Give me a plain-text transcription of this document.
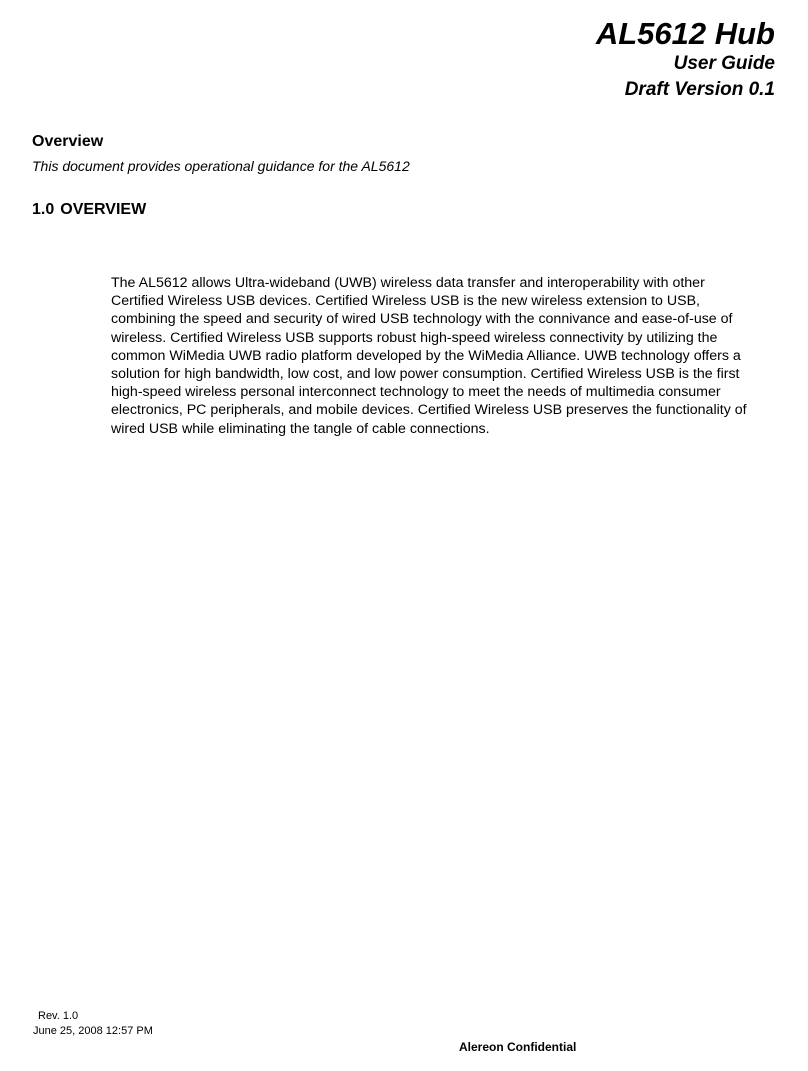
AL5612 Hub
User Guide
Draft Version 0.1
Overview
This document provides operational guidance for the AL5612
1.0 OVERVIEW
The AL5612 allows Ultra-wideband (UWB) wireless data transfer and interoperability with other
Certified Wireless USB devices. Certified Wireless USB is the new wireless extension to USB,
combining the speed and security of wired USB technology with the connivance and ease-of-use of
wireless. Certified Wireless USB supports robust high-speed wireless connectivity by utilizing the
common WiMedia UWB radio platform developed by the WiMedia Alliance. UWB technology offers a
solution for high bandwidth, low cost, and low power consumption. Certified Wireless USB is the first
high-speed wireless personal interconnect technology to meet the needs of multimedia consumer
electronics, PC peripherals, and mobile devices. Certified Wireless USB preserves the functionality of
wired USB while eliminating the tangle of cable connections.
Rev. 1.0
June 25, 2008 12:57 PM
Alereon Confidential
